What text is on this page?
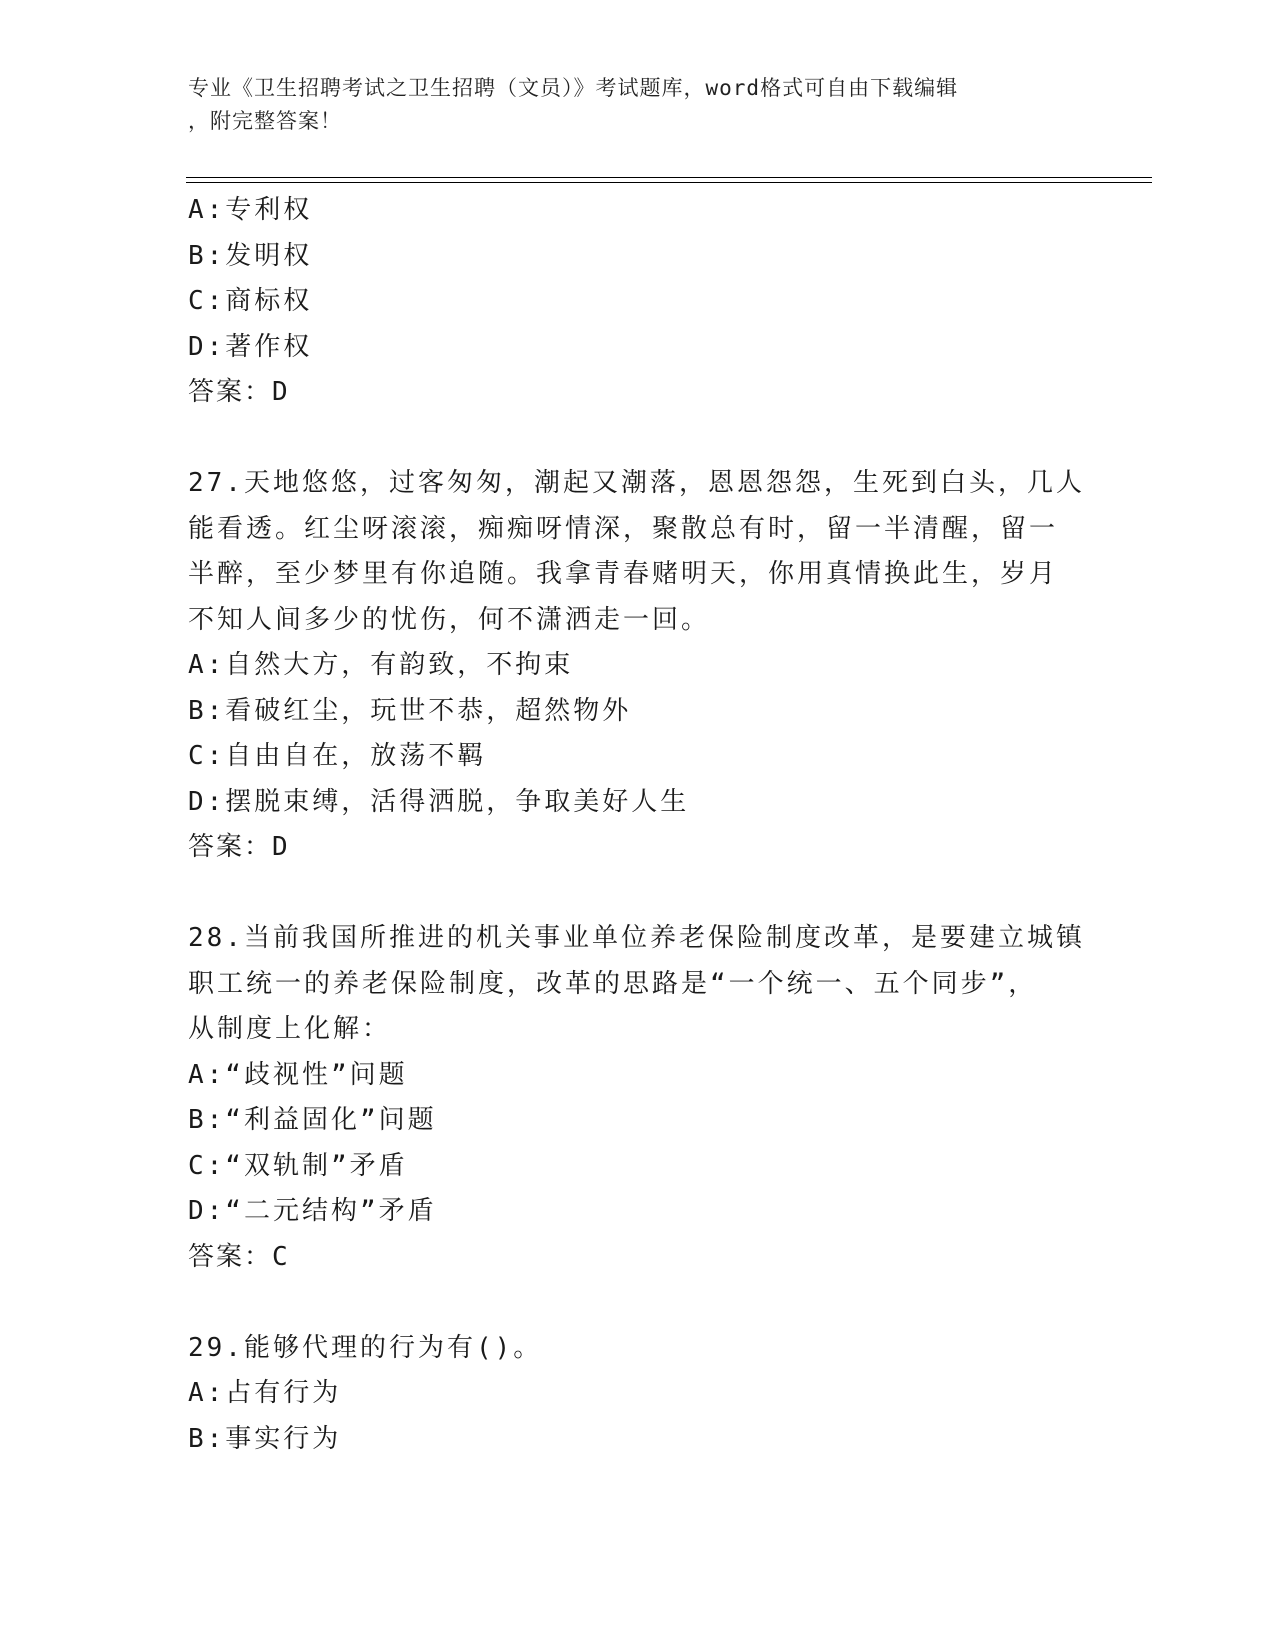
专业《卫生招聘考试之卫生招聘（文员）》考试题库，word格式可自由下载编辑
，附完整答案！
A:专利权
B:发明权
C:商标权
D:著作权
答案：D
27.天地悠悠，过客匆匆，潮起又潮落，恩恩怨怨，生死到白头，几人
能看透。红尘呀滚滚，痴痴呀情深，聚散总有时，留一半清醒，留一
半醉，至少梦里有你追随。我拿青春赌明天，你用真情换此生，岁月
不知人间多少的忧伤，何不潇洒走一回。
A:自然大方，有韵致，不拘束
B:看破红尘，玩世不恭，超然物外
C:自由自在，放荡不羁
D:摆脱束缚，活得洒脱，争取美好人生
答案：D
28.当前我国所推进的机关事业单位养老保险制度改革，是要建立城镇
职工统一的养老保险制度，改革的思路是“一个统一、五个同步”，
从制度上化解：
A:“歧视性”问题
B:“利益固化”问题
C:“双轨制”矛盾
D:“二元结构”矛盾
答案：C
29.能够代理的行为有()。
A:占有行为
B:事实行为
